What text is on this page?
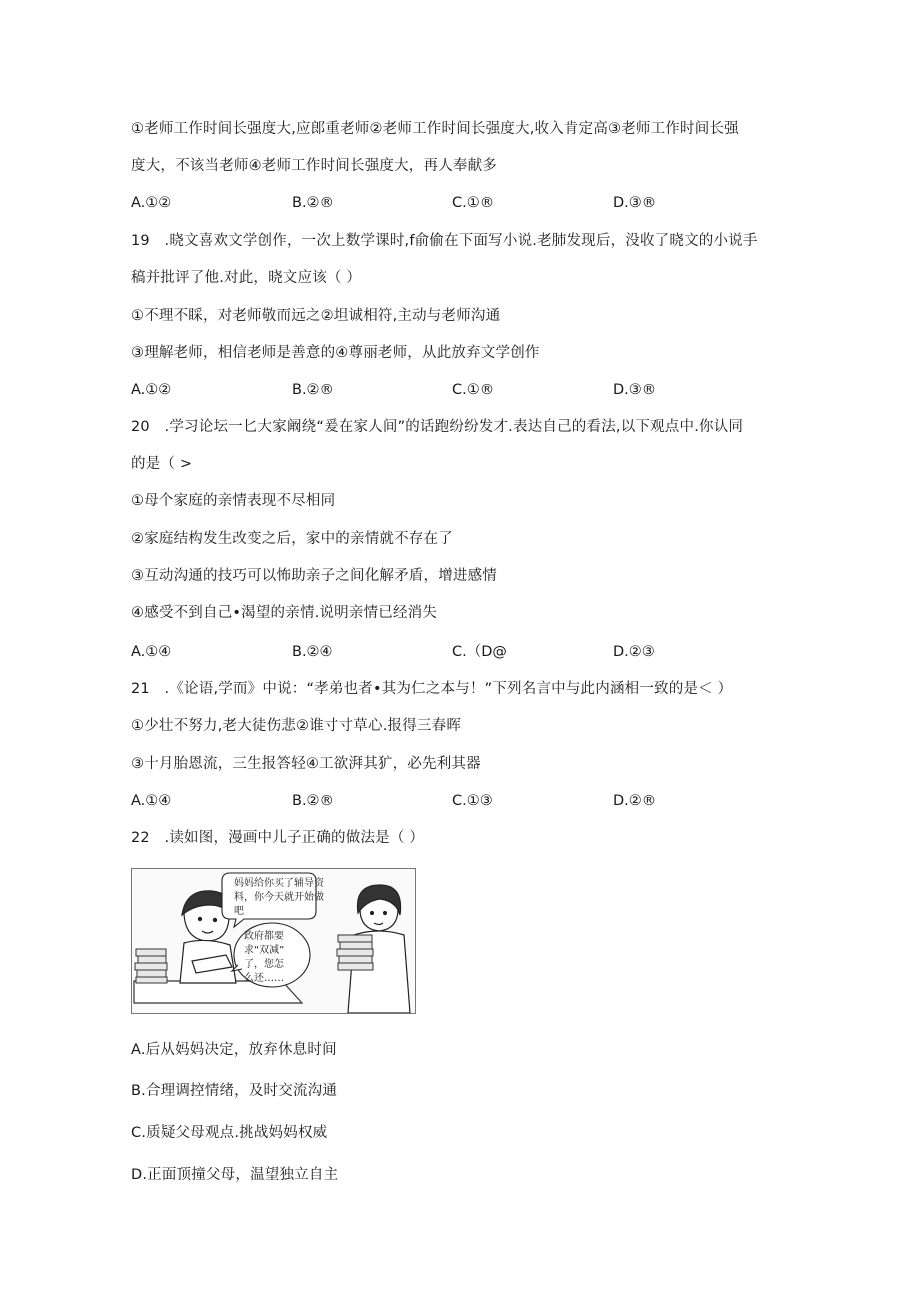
①老师工作时间长强度大,应郎重老师②老师工作时间长强度大,收入肯定高③老师工作时间长强
度大，不该当老师④老师工作时间长强度大，再人奉献多
A.①②	B.②®	C.①®	D.③®
19　.晓文喜欢文学创作，一次上数学课时,f俞偷在下面写小说.老肺发现后，没收了晓文的小说手
稿并批评了他.对此，晓文应该（ ）
①不理不睬，对老师敬而远之②坦诚相符,主动与老师沟通
③理解老师，相信老师是善意的④尊丽老师，从此放弃文学创作
A.①②	B.②®	C.①®	D.③®
20　.学习论坛一匕大家阚绕“爰在家人间”的话跑纷纷发才.表达自己的看法,以下观点中.你认同
的是（ >
①母个家庭的亲情表现不尽相同
②家庭结构发生改变之后，家中的亲情就不存在了
③互动沟通的技巧可以怖助亲子之间化解矛盾，增进感情
④感受不到自己•渴望的亲情.说明亲情已经消失
A.①④	B.②④	C.（D@	D.②③
21　.《论语,学而》中说：“孝弟也者•其为仁之本与！”下列名言中与此内涵相一致的是＜ ）
①少壮不努力,老大徒伤悲②谁寸寸草心.报得三春晖
③十月胎恩流，三生报答轻④工欲湃其犷，必先利其器
A.①④	B.②®	C.①③	D.②®
22　.读如图，漫画中儿子正确的做法是（ ）
妈妈给你买了辅导资
料，你今天就开始做
吧
政府都要
求“双减”
了，您怎
么还……
A.后从妈妈决定，放弃休息时间
B.合理调控情绪，及时交流沟通
C.质疑父母观点.挑战妈妈权威
D.正面顶撞父母，温望独立自主
